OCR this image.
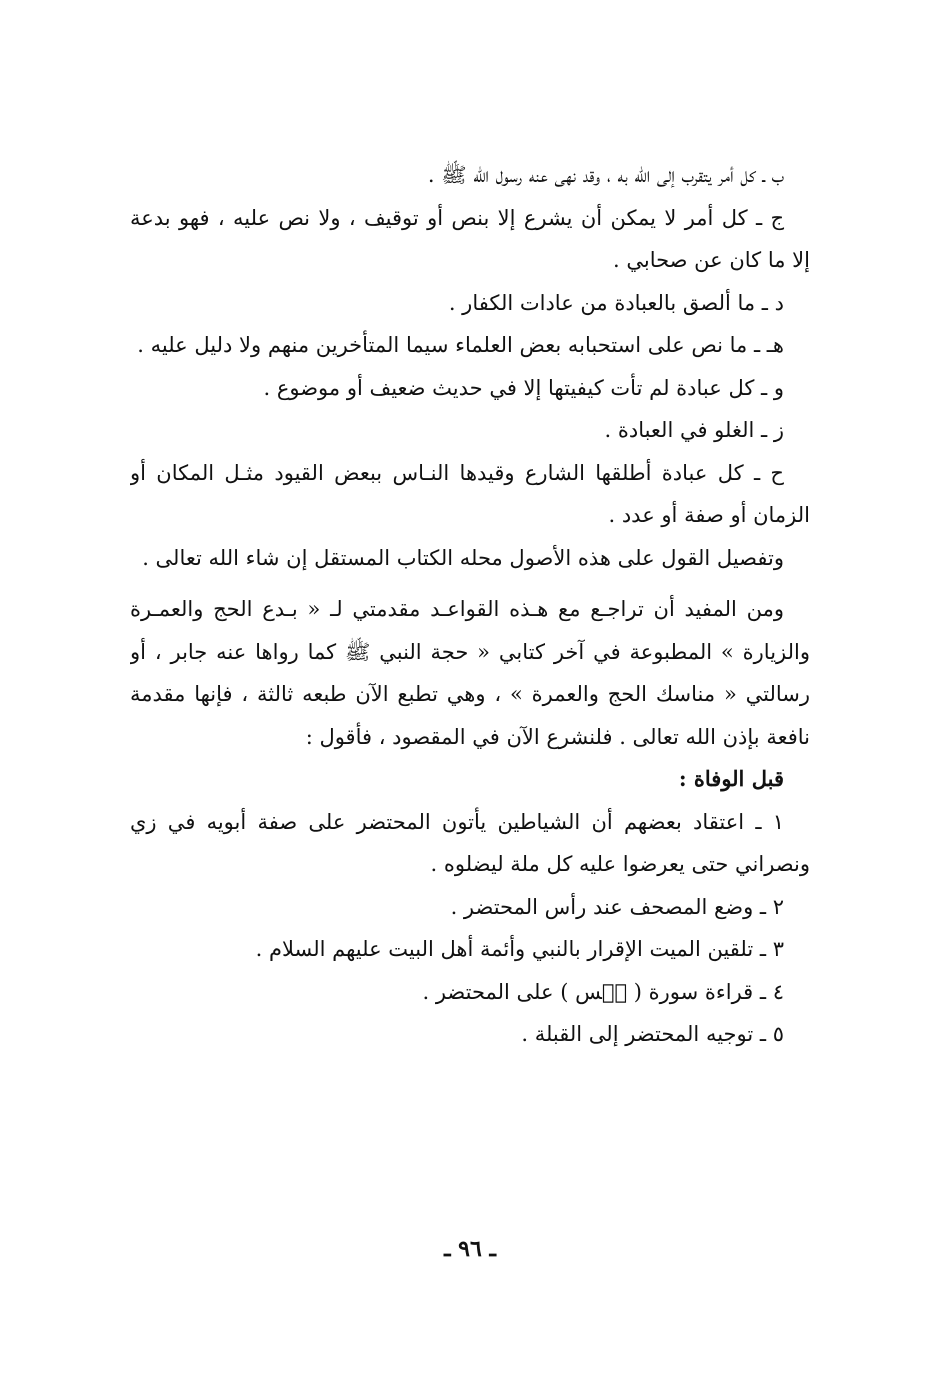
ب ـ كل أمر يتقرب إلى الله به ، وقد نهى عنه رسول الله ﷺ .
ج ـ كل أمر لا يمكن أن يشرع إلا بنص أو توقيف ، ولا نص عليه ، فهو بدعة
إلا ما كان عن صحابي .
د ـ ما ألصق بالعبادة من عادات الكفار .
هـ ـ ما نص على استحبابه بعض العلماء سيما المتأخرين منهم ولا دليل عليه .
و ـ كل عبادة لم تأت كيفيتها إلا في حديث ضعيف أو موضوع .
ز ـ الغلو في العبادة .
ح ـ كل عبادة أطلقها الشارع وقيدها النـاس ببعض القيود مثـل المكان أو
الزمان أو صفة أو عدد .
وتفصيل القول على هذه الأصول محله الكتاب المستقل إن شاء الله تعالى .
ومن المفيد أن تراجـع مع هـذه القواعـد مقدمتي لـ « بـدع الحج والعمـرة
والزيارة » المطبوعة في آخر كتابي « حجة النبي ﷺ كما رواها عنه جابر ، أو
رسالتي « مناسك الحج والعمرة » ، وهي تطبع الآن طبعه ثالثة ، فإنها مقدمة
نافعة بإذن الله تعالى . فلنشرع الآن في المقصود ، فأقول :
قبل الوفاة :
١ ـ اعتقاد بعضهم أن الشياطين يأتون المحتضر على صفة أبويه في زي
ونصراني حتى يعرضوا عليه كل ملة ليضلوه .
٢ ـ وضع المصحف عند رأس المحتضر .
٣ ـ تلقين الميت الإقرار بالنبي وأئمة أهل البيت عليهم السلام .
٤ ـ قراءة سورة ( يۤس ) على المحتضر .
٥ ـ توجيه المحتضر إلى القبلة .
ـ ٩٦ ـ
